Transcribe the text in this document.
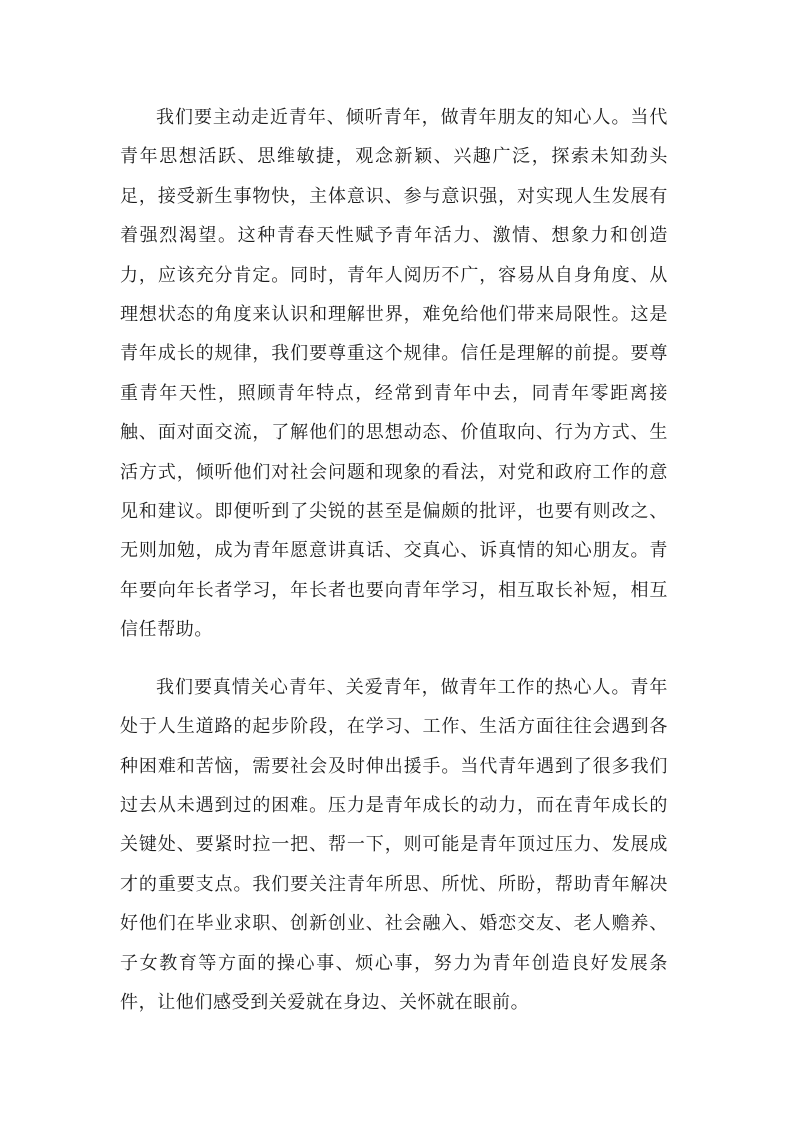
我们要主动走近青年、倾听青年，做青年朋友的知心人。当代青年思想活跃、思维敏捷，观念新颖、兴趣广泛，探索未知劲头足，接受新生事物快，主体意识、参与意识强，对实现人生发展有着强烈渴望。这种青春天性赋予青年活力、激情、想象力和创造力，应该充分肯定。同时，青年人阅历不广，容易从自身角度、从理想状态的角度来认识和理解世界，难免给他们带来局限性。这是青年成长的规律，我们要尊重这个规律。信任是理解的前提。要尊重青年天性，照顾青年特点，经常到青年中去，同青年零距离接触、面对面交流，了解他们的思想动态、价值取向、行为方式、生活方式，倾听他们对社会问题和现象的看法，对党和政府工作的意见和建议。即便听到了尖锐的甚至是偏颇的批评，也要有则改之、无则加勉，成为青年愿意讲真话、交真心、诉真情的知心朋友。青年要向年长者学习，年长者也要向青年学习，相互取长补短，相互信任帮助。

我们要真情关心青年、关爱青年，做青年工作的热心人。青年处于人生道路的起步阶段，在学习、工作、生活方面往往会遇到各种困难和苦恼，需要社会及时伸出援手。当代青年遇到了很多我们过去从未遇到过的困难。压力是青年成长的动力，而在青年成长的关键处、要紧时拉一把、帮一下，则可能是青年顶过压力、发展成才的重要支点。我们要关注青年所思、所忧、所盼，帮助青年解决好他们在毕业求职、创新创业、社会融入、婚恋交友、老人赡养、子女教育等方面的操心事、烦心事，努力为青年创造良好发展条件，让他们感受到关爱就在身边、关怀就在眼前。
